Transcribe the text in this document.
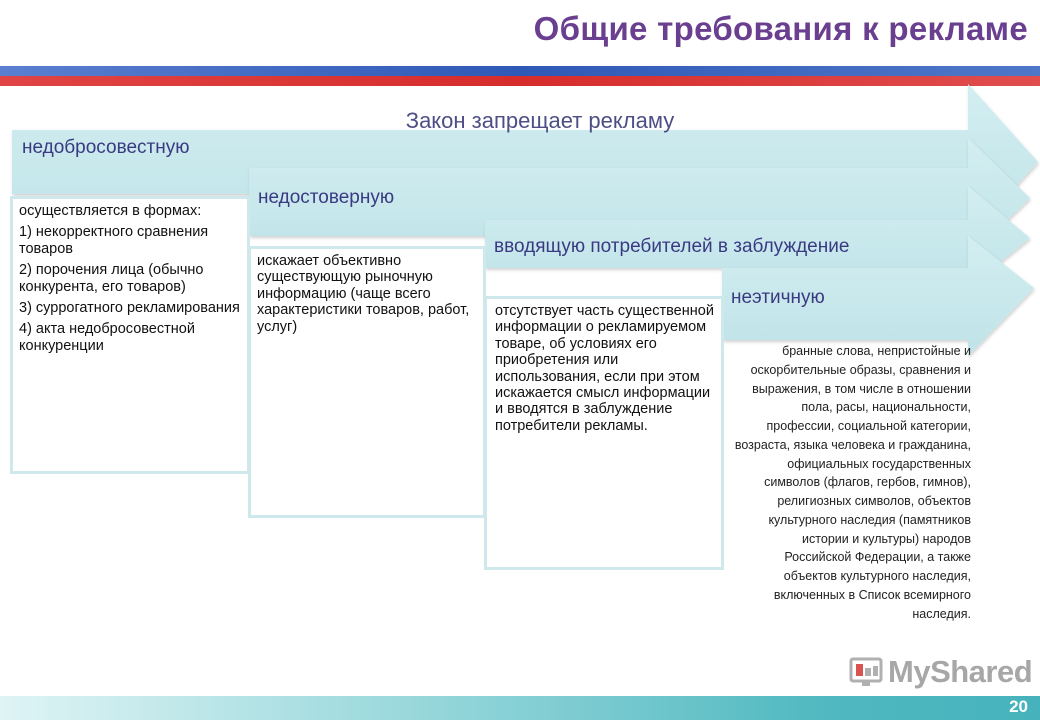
Общие требования к рекламе
Закон запрещает рекламу
недобросовестную
недостоверную
вводящую потребителей в заблуждение
неэтичную

осуществляется в формах:

1) некорректного сравнения товаров

2) порочения лица (обычно конкурента, его товаров)

3) суррогатного рекламирования

4) акта недобросовестной конкуренции

искажает объективно существующую рыночную информацию (чаще всего характеристики товаров, работ, услуг)

отсутствует часть существенной информации о рекламируемом товаре, об условиях его приобретения или использования, если при этом искажается смысл информации и вводятся в заблуждение потребители рекламы.

бранные слова, непристойные и оскорбительные образы, сравнения и выражения, в том числе в отношении пола, расы, национальности, профессии, социальной категории, возраста, языка человека и гражданина, официальных государственных символов (флагов, гербов, гимнов), религиозных символов, объектов культурного наследия (памятников истории и культуры) народов Российской Федерации, а также объектов культурного наследия, включенных в Список всемирного наследия.
MyShared
20
